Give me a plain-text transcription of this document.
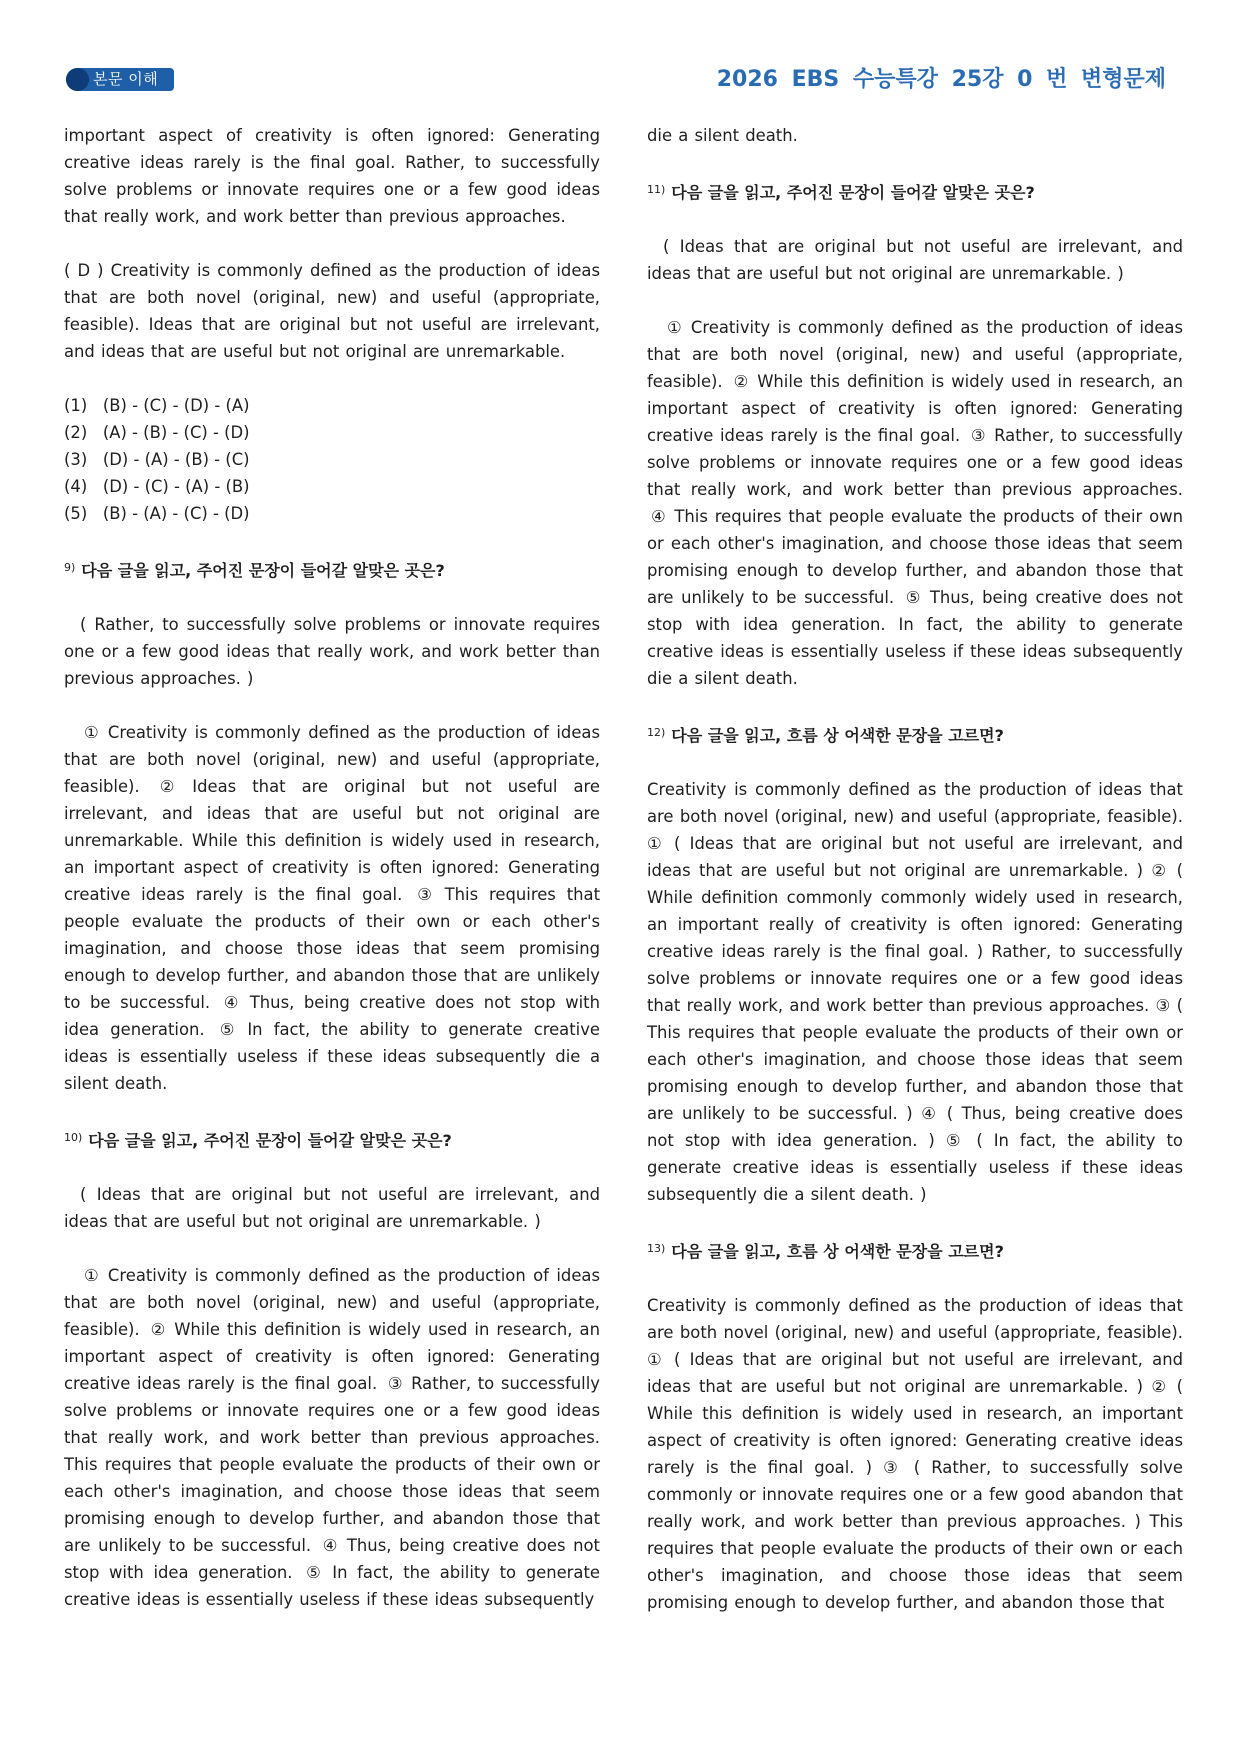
본문 이해	2026 EBS 수능특강 25강 0 번 변형문제

important aspect of creativity is often ignored: Generating creative ideas rarely is the final goal. Rather, to successfully solve problems or innovate requires one or a few good ideas that really work, and work better than previous approaches.

( D ) Creativity is commonly defined as the production of ideas that are both novel (original, new) and useful (appropriate, feasible). Ideas that are original but not useful are irrelevant, and ideas that are useful but not original are unremarkable.

(1)   (B) - (C) - (D) - (A)
(2)   (A) - (B) - (C) - (D)
(3)   (D) - (A) - (B) - (C)
(4)   (D) - (C) - (A) - (B)
(5)   (B) - (A) - (C) - (D)
$^{9)}$ 다음 글을 읽고, 주어진 문장이 들어갈 알맞은 곳은?

( Rather, to successfully solve problems or innovate requires one or a few good ideas that really work, and work better than previous approaches. )

① Creativity is commonly defined as the production of ideas that are both novel (original, new) and useful (appropriate, feasible). ② Ideas that are original but not useful are irrelevant, and ideas that are useful but not original are unremarkable. While this definition is widely used in research, an important aspect of creativity is often ignored: Generating creative ideas rarely is the final goal. ③ This requires that people evaluate the products of their own or each other's imagination, and choose those ideas that seem promising enough to develop further, and abandon those that are unlikely to be successful. ④ Thus, being creative does not stop with idea generation. ⑤ In fact, the ability to generate creative ideas is essentially useless if these ideas subsequently die a silent death.

$^{10)}$ 다음 글을 읽고, 주어진 문장이 들어갈 알맞은 곳은?

( Ideas that are original but not useful are irrelevant, and ideas that are useful but not original are unremarkable. )

① Creativity is commonly defined as the production of ideas that are both novel (original, new) and useful (appropriate, feasible). ② While this definition is widely used in research, an important aspect of creativity is often ignored: Generating creative ideas rarely is the final goal. ③ Rather, to successfully solve problems or innovate requires one or a few good ideas that really work, and work better than previous approaches. This requires that people evaluate the products of their own or each other's imagination, and choose those ideas that seem promising enough to develop further, and abandon those that are unlikely to be successful. ④ Thus, being creative does not stop with idea generation. ⑤ In fact, the ability to generate creative ideas is essentially useless if these ideas subsequently

die a silent death.

$^{11)}$ 다음 글을 읽고, 주어진 문장이 들어갈 알맞은 곳은?

( Ideas that are original but not useful are irrelevant, and ideas that are useful but not original are unremarkable. )

① Creativity is commonly defined as the production of ideas that are both novel (original, new) and useful (appropriate, feasible). ② While this definition is widely used in research, an important aspect of creativity is often ignored: Generating creative ideas rarely is the final goal. ③ Rather, to successfully solve problems or innovate requires one or a few good ideas that really work, and work better than previous approaches. ④ This requires that people evaluate the products of their own or each other's imagination, and choose those ideas that seem promising enough to develop further, and abandon those that are unlikely to be successful. ⑤ Thus, being creative does not stop with idea generation. In fact, the ability to generate creative ideas is essentially useless if these ideas subsequently die a silent death.

$^{12)}$ 다음 글을 읽고, 흐름 상 어색한 문장을 고르면?

Creativity is commonly defined as the production of ideas that are both novel (original, new) and useful (appropriate, feasible). ① ( Ideas that are original but not useful are irrelevant, and ideas that are useful but not original are unremarkable. ) ② ( While definition commonly commonly widely used in research, an important really of creativity is often ignored: Generating creative ideas rarely is the final goal. ) Rather, to successfully solve problems or innovate requires one or a few good ideas that really work, and work better than previous approaches. ③ ( This requires that people evaluate the products of their own or each other's imagination, and choose those ideas that seem promising enough to develop further, and abandon those that are unlikely to be successful. ) ④ ( Thus, being creative does not stop with idea generation. ) ⑤ ( In fact, the ability to generate creative ideas is essentially useless if these ideas subsequently die a silent death. )

$^{13)}$ 다음 글을 읽고, 흐름 상 어색한 문장을 고르면?

Creativity is commonly defined as the production of ideas that are both novel (original, new) and useful (appropriate, feasible). ① ( Ideas that are original but not useful are irrelevant, and ideas that are useful but not original are unremarkable. ) ② ( While this definition is widely used in research, an important aspect of creativity is often ignored: Generating creative ideas rarely is the final goal. ) ③ ( Rather, to successfully solve commonly or innovate requires one or a few good abandon that really work, and work better than previous approaches. ) This requires that people evaluate the products of their own or each other's imagination, and choose those ideas that seem promising enough to develop further, and abandon those that
